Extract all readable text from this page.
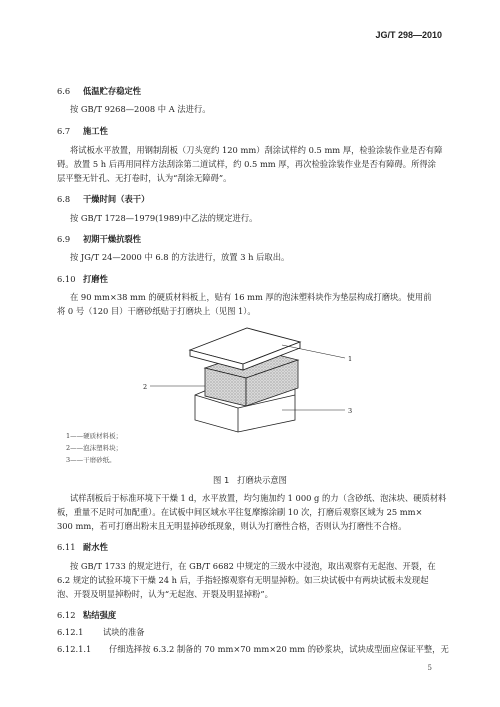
JG/T 298—2010
6.6 低温贮存稳定性
按 GB/T 9268—2008 中 A 法进行。
6.7 施工性
将试板水平放置，用钢制刮板（刀头宽约 120 mm）刮涂试样约 0.5 mm 厚，检验涂装作业是否有障
碍。放置 5 h 后再用同样方法刮涂第二道试样，约 0.5 mm 厚，再次检验涂装作业是否有障碍。所得涂
层平整无针孔、无打卷时，认为“刮涂无障碍”。
6.8 干燥时间（表干）
按 GB/T 1728—1979(1989)中乙法的规定进行。
6.9 初期干燥抗裂性
按 JG/T 24—2000 中 6.8 的方法进行，放置 3 h 后取出。
6.10 打磨性
在 90 mm×38 mm 的硬质材料板上，贴有 16 mm 厚的泡沫塑料块作为垫层构成打磨块。使用前
将 0 号（120 目）干磨砂纸贴于打磨块上（见图 1）。
1
2
3
1——硬质材料板；
2——泡沫塑料块；
3——干磨砂纸。
图 1 打磨块示意图
试样刮板后于标准环境下干燥 1 d，水平放置，均匀施加约 1 000 g 的力（含砂纸、泡沫块、硬质材料
板，重量不足时可加配重）。在试板中间区域水平往复摩擦涂刷 10 次，打磨后观察区域为 25 mm×
300 mm，若可打磨出粉末且无明显掉砂纸现象，则认为打磨性合格，否则认为打磨性不合格。
6.11 耐水性
按 GB/T 1733 的规定进行，在 GB/T 6682 中规定的三级水中浸泡，取出观察有无起泡、开裂，在
6.2 规定的试验环境下干燥 24 h 后，手指轻擦观察有无明显掉粉。如三块试板中有两块试板未发现起
泡、开裂及明显掉粉时，认为“无起泡、开裂及明显掉粉”。
6.12 粘结强度
6.12.1 试块的准备
6.12.1.1 仔细选择按 6.3.2 制备的 70 mm×70 mm×20 mm 的砂浆块，试块成型面应保证平整，无
5
